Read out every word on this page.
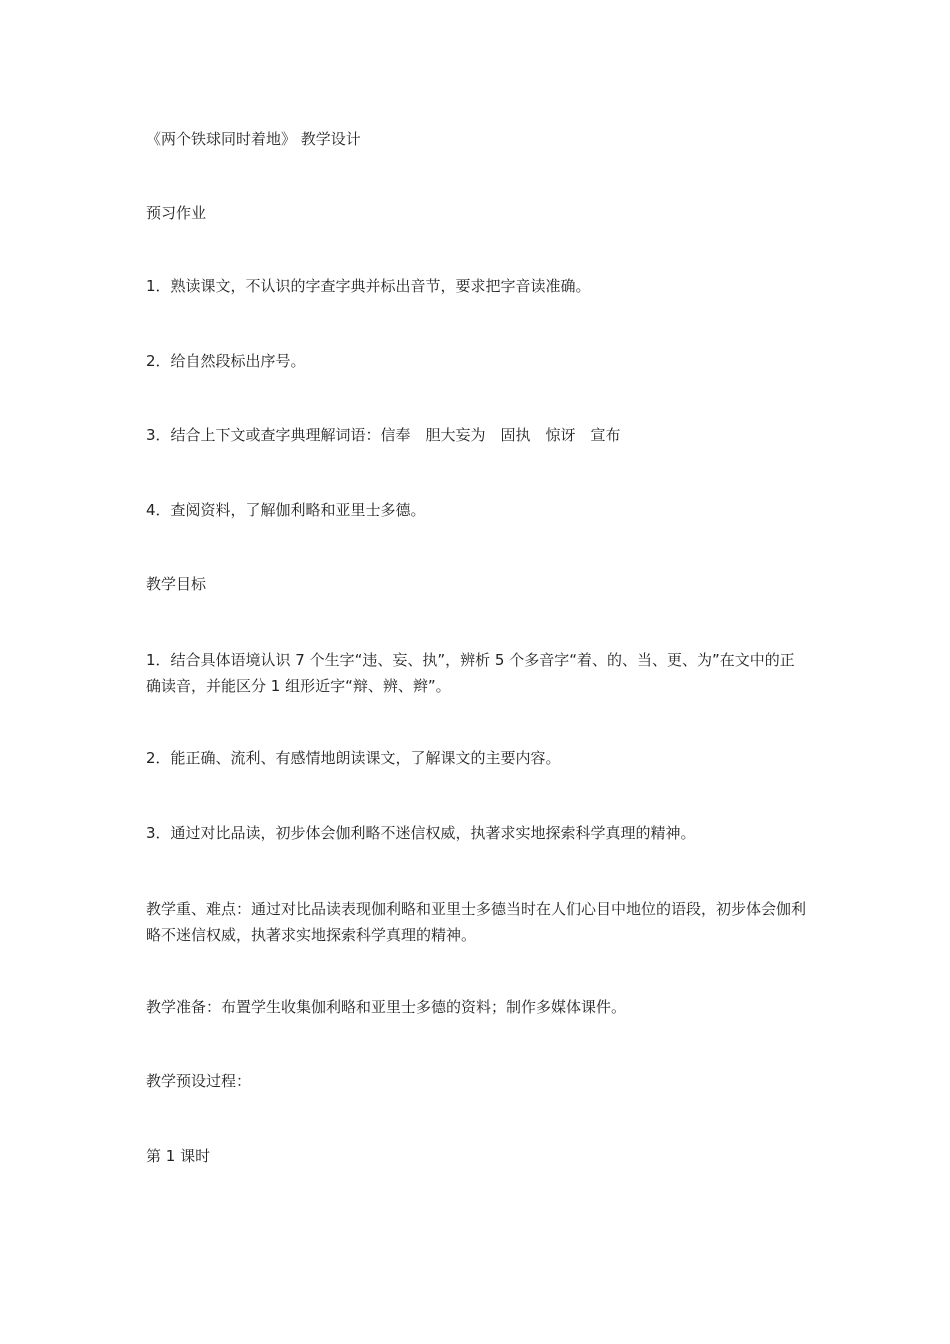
《两个铁球同时着地》 教学设计
预习作业
1．熟读课文，不认识的字查字典并标出音节，要求把字音读准确。
2．给自然段标出序号。
3．结合上下文或查字典理解词语：信奉　胆大妄为　固执　惊讶　宣布
4．查阅资料，了解伽利略和亚里士多德。
教学目标
1．结合具体语境认识 7 个生字“违、妄、执”，辨析 5 个多音字“着、的、当、更、为”在文中的正确读音，并能区分 1 组形近字“辩、辨、辫”。
2．能正确、流利、有感情地朗读课文，了解课文的主要内容。
3．通过对比品读，初步体会伽利略不迷信权威，执著求实地探索科学真理的精神。
教学重、难点：通过对比品读表现伽利略和亚里士多德当时在人们心目中地位的语段，初步体会伽利略不迷信权威，执著求实地探索科学真理的精神。
教学准备：布置学生收集伽利略和亚里士多德的资料；制作多媒体课件。
教学预设过程：
第 1 课时
